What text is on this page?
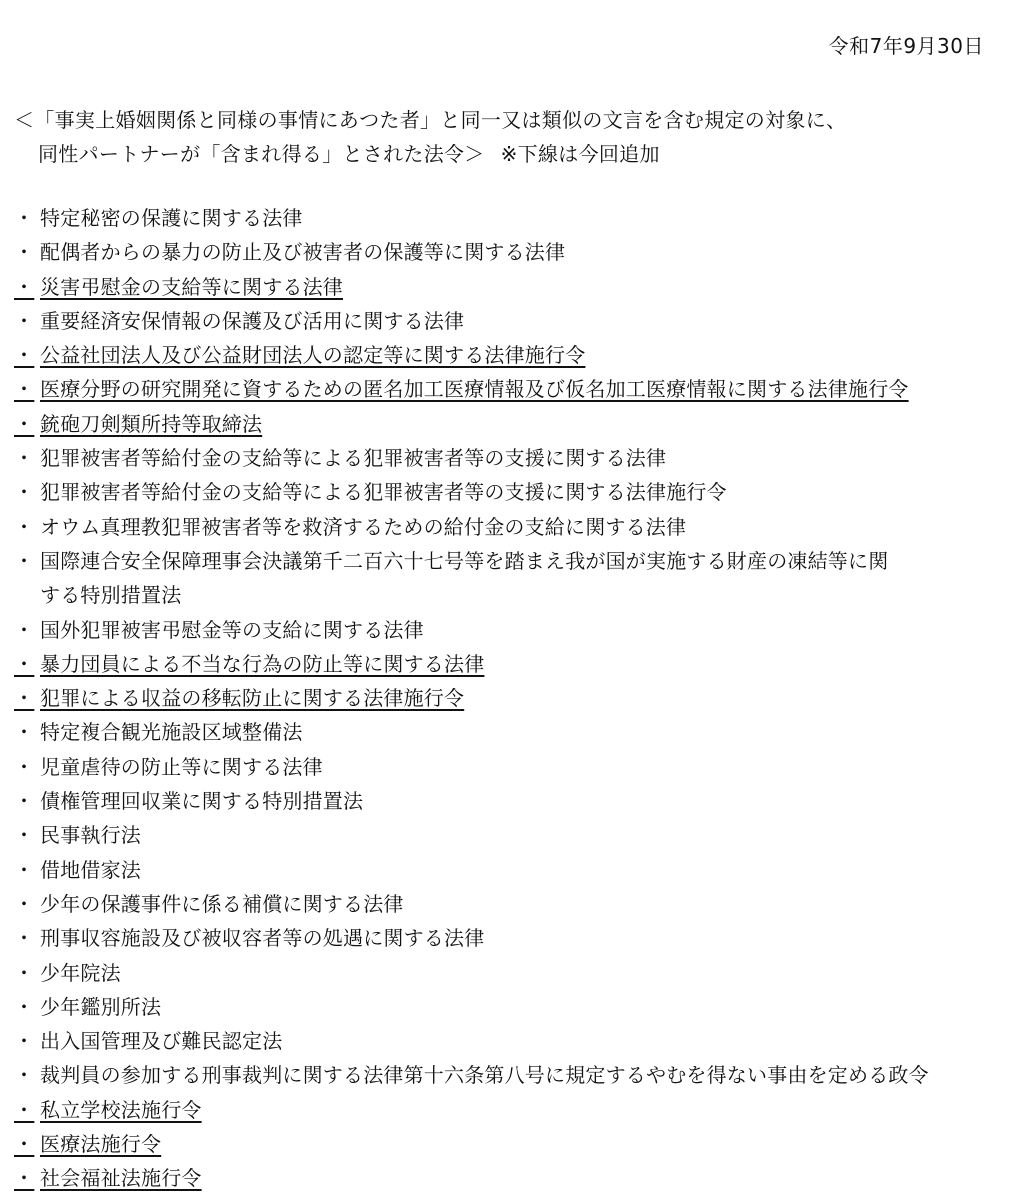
令和7年9月30日
＜「事実上婚姻関係と同様の事情にあつた者」と同一又は類似の文言を含む規定の対象に、
同性パートナーが「含まれ得る」とされた法令＞ ※下線は今回追加
・ 特定秘密の保護に関する法律
・ 配偶者からの暴力の防止及び被害者の保護等に関する法律
・ 災害弔慰金の支給等に関する法律
・ 重要経済安保情報の保護及び活用に関する法律
・ 公益社団法人及び公益財団法人の認定等に関する法律施行令
・ 医療分野の研究開発に資するための匿名加工医療情報及び仮名加工医療情報に関する法律施行令
・ 銃砲刀剣類所持等取締法
・ 犯罪被害者等給付金の支給等による犯罪被害者等の支援に関する法律
・ 犯罪被害者等給付金の支給等による犯罪被害者等の支援に関する法律施行令
・ オウム真理教犯罪被害者等を救済するための給付金の支給に関する法律
・ 国際連合安全保障理事会決議第千二百六十七号等を踏まえ我が国が実施する財産の凍結等に関
する特別措置法
・ 国外犯罪被害弔慰金等の支給に関する法律
・ 暴力団員による不当な行為の防止等に関する法律
・ 犯罪による収益の移転防止に関する法律施行令
・ 特定複合観光施設区域整備法
・ 児童虐待の防止等に関する法律
・ 債権管理回収業に関する特別措置法
・ 民事執行法
・ 借地借家法
・ 少年の保護事件に係る補償に関する法律
・ 刑事収容施設及び被収容者等の処遇に関する法律
・ 少年院法
・ 少年鑑別所法
・ 出入国管理及び難民認定法
・ 裁判員の参加する刑事裁判に関する法律第十六条第八号に規定するやむを得ない事由を定める政令
・ 私立学校法施行令
・ 医療法施行令
・ 社会福祉法施行令
